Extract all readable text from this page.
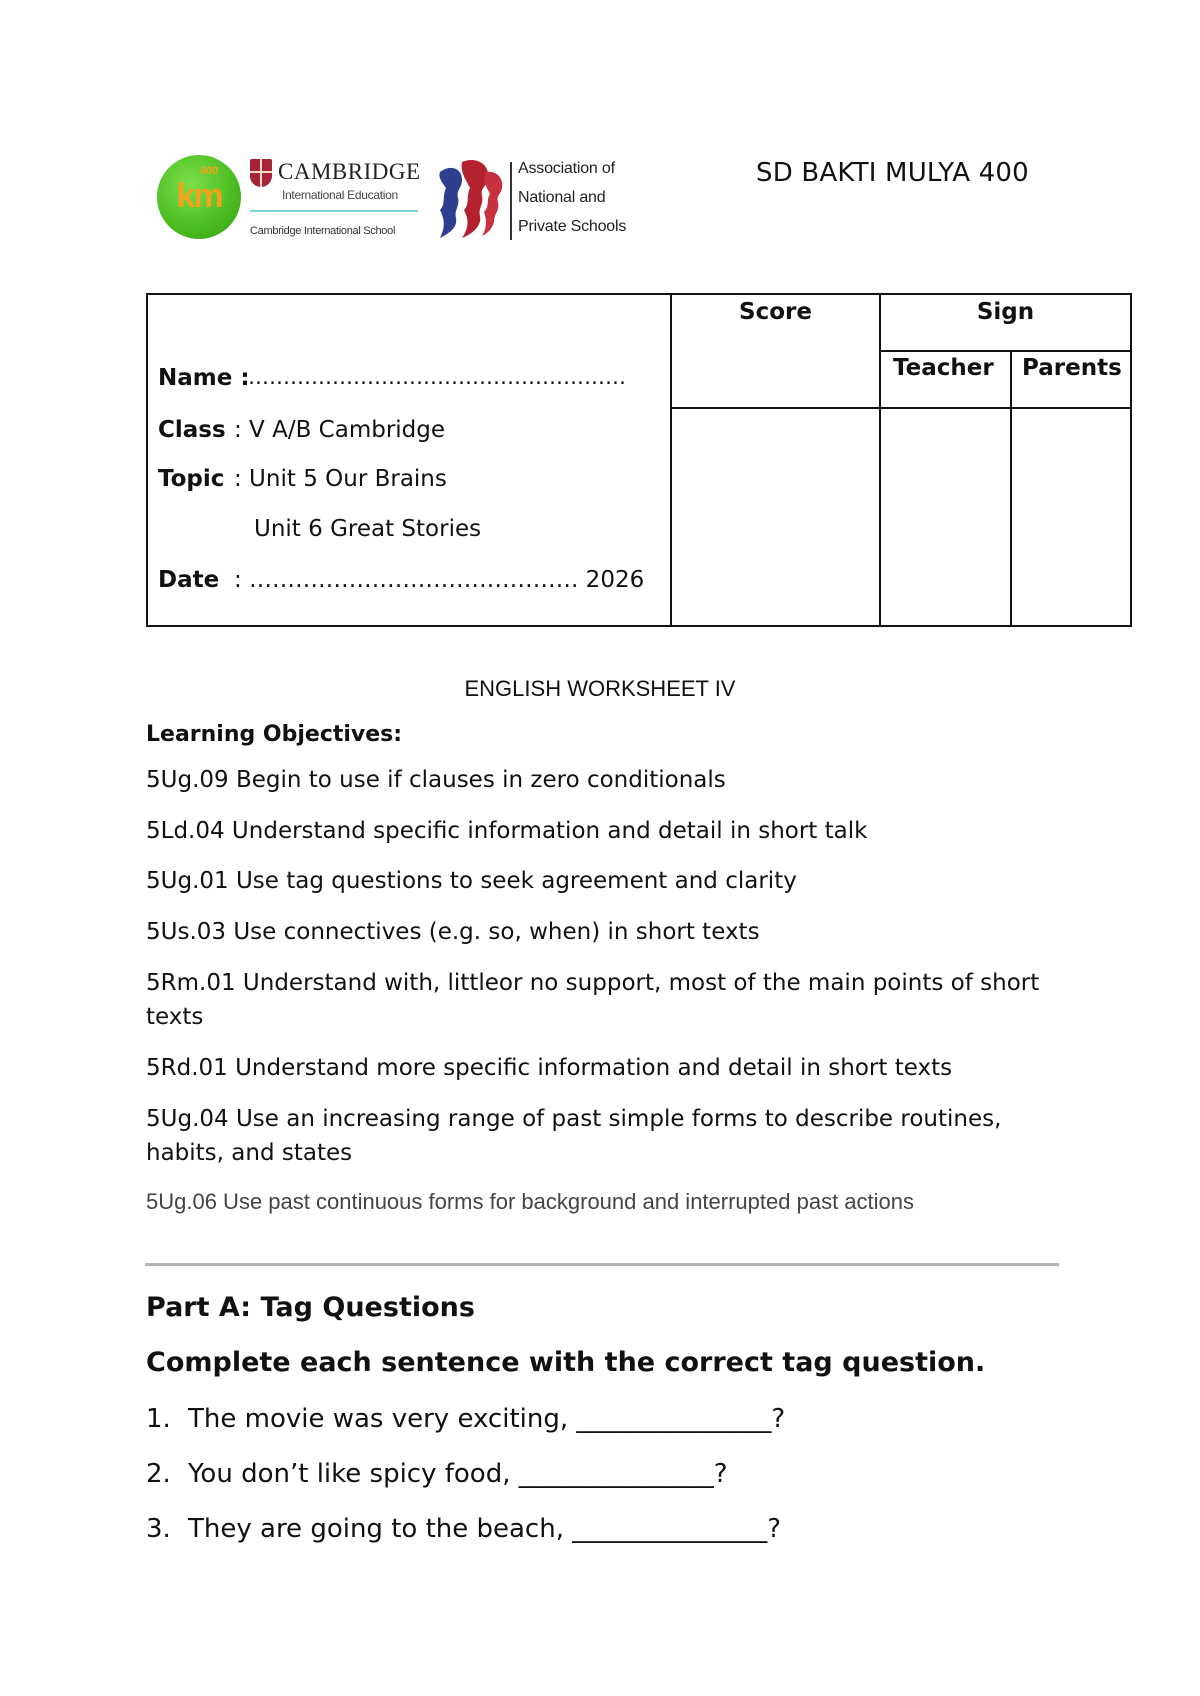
400
km
CAMBRIDGE
International Education
Cambridge International School
Association of
National and
Private Schools
SD BAKTI MULYA 400
Score	Sign
Teacher Parents
Name :
………………………………………………
Class : V A/B Cambridge
Topic : Unit 5 Our Brains
Unit 6 Great Stories
Date : ……………………………………. 2026
ENGLISH WORKSHEET IV
Learning Objectives:
5Ug.09 Begin to use if clauses in zero conditionals
5Ld.04 Understand specific information and detail in short talk
5Ug.01 Use tag questions to seek agreement and clarity
5Us.03 Use connectives (e.g. so, when) in short texts
5Rm.01 Understand with, littleor no support, most of the main points of short texts
5Rd.01 Understand more specific information and detail in short texts
5Ug.04 Use an increasing range of past simple forms to describe routines, habits, and states
5Ug.06 Use past continuous forms for background and interrupted past actions
Part A: Tag Questions
Complete each sentence with the correct tag question.
1. The movie was very exciting, _______________?
2. You don’t like spicy food, _______________?
3. They are going to the beach, _______________?
